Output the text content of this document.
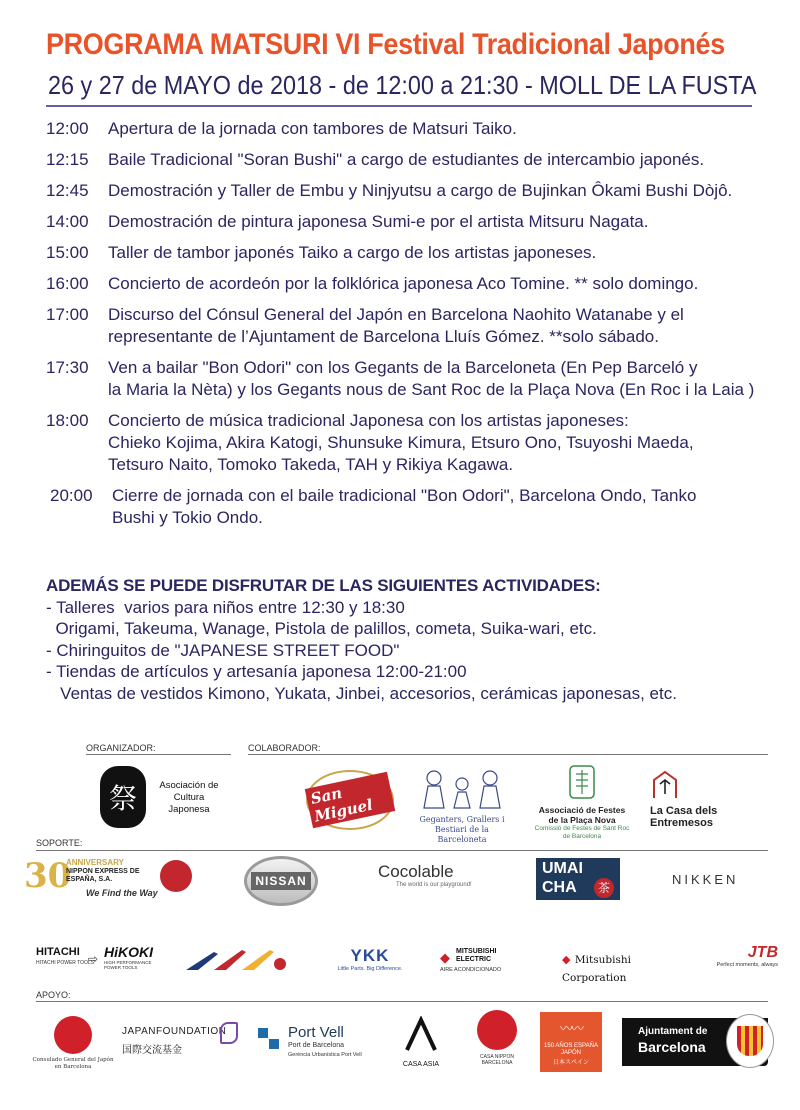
PROGRAMA MATSURI VI Festival Tradicional Japonés
26 y 27 de MAYO de 2018 - de 12:00 a 21:30 - MOLL DE LA FUSTA
12:00	Apertura de la jornada con tambores de Matsuri Taiko.
12:15	Baile Tradicional "Soran Bushi" a cargo de estudiantes de intercambio japonés.
12:45	Demostración y Taller de Embu y Ninjyutsu a cargo de Bujinkan Ôkami Bushi Dòjô.
14:00	Demostración de pintura japonesa Sumi-e por el artista Mitsuru Nagata.
15:00	Taller de tambor japonés Taiko a cargo de los artistas japoneses.
16:00	Concierto de acordeón por la folklórica japonesa Aco Tomine. ** solo domingo.
17:00	Discurso del Cónsul General del Japón en Barcelona Naohito Watanabe y el
representante de l’Ajuntament de Barcelona Lluís Gómez. **solo sábado.
17:30	Ven a bailar "Bon Odori" con los Gegants de la Barceloneta (En Pep Barceló y
la Maria la Nèta) y los Gegants nous de Sant Roc de la Plaça Nova (En Roc i la Laia )
18:00	Concierto de música tradicional Japonesa con los artistas japoneses:
Chieko Kojima, Akira Katogi, Shunsuke Kimura, Etsuro Ono, Tsuyoshi Maeda,
Tetsuro Naito, Tomoko Takeda, TAH y Rikiya Kagawa.
20:00	Cierre de jornada con el baile tradicional "Bon Odori", Barcelona Ondo, Tanko
Bushi y Tokio Ondo.
ADEMÁS SE PUEDE DISFRUTAR DE LAS SIGUIENTES ACTIVIDADES:
- Talleres  varios para niños entre 12:30 y 18:30
Origami, Takeuma, Wanage, Pistola de palillos, cometa, Suika-wari, etc.
- Chiringuitos de "JAPANESE STREET FOOD"
- Tiendas de artículos y artesanía japonesa 12:00-21:00
Ventas de vestidos Kimono, Yukata, Jinbei, accesorios, cerámicas japonesas, etc.
ORGANIZADOR:	COLABORADOR:
SOPORTE:
APOYO:
祭	Asociación de Cultura Japonesa
San Miguel	Geganters, Grallers i Bestiari de la Barceloneta
Associació de Festes de la Plaça Nova
Comissió de Festes de Sant Roc de Barcelona
La Casa dels Entremesos
30
ANNIVERSARY
NIPPON EXPRESS DE ESPAÑA, S.A.
We Find the Way
NISSAN	Cocolable
The world is our playground!
UMAI
CHA	茶
NIKKEN
HITACHI
HITACHI POWER TOOLS
⇨ HiKOKI
HIGH PERFORMANCE POWER TOOLS
YKK
Little Parts. Big Difference.
◆ MITSUBISHI ELECTRIC
AIRE ACONDICIONADO
◆ Mitsubishi Corporation
JTB
Perfect moments, always
Consulado General del Japón en Barcelona
JAPANFOUNDATION
国際交流基金
Port Vell
Port de Barcelona
Gerència Urbanística Port Vell
CASA ASIA
CASA NIPPON BARCELONA
〰〰
150 AÑOS ESPAÑA JAPÓN
日本スペイン
Ajuntament de
Barcelona
